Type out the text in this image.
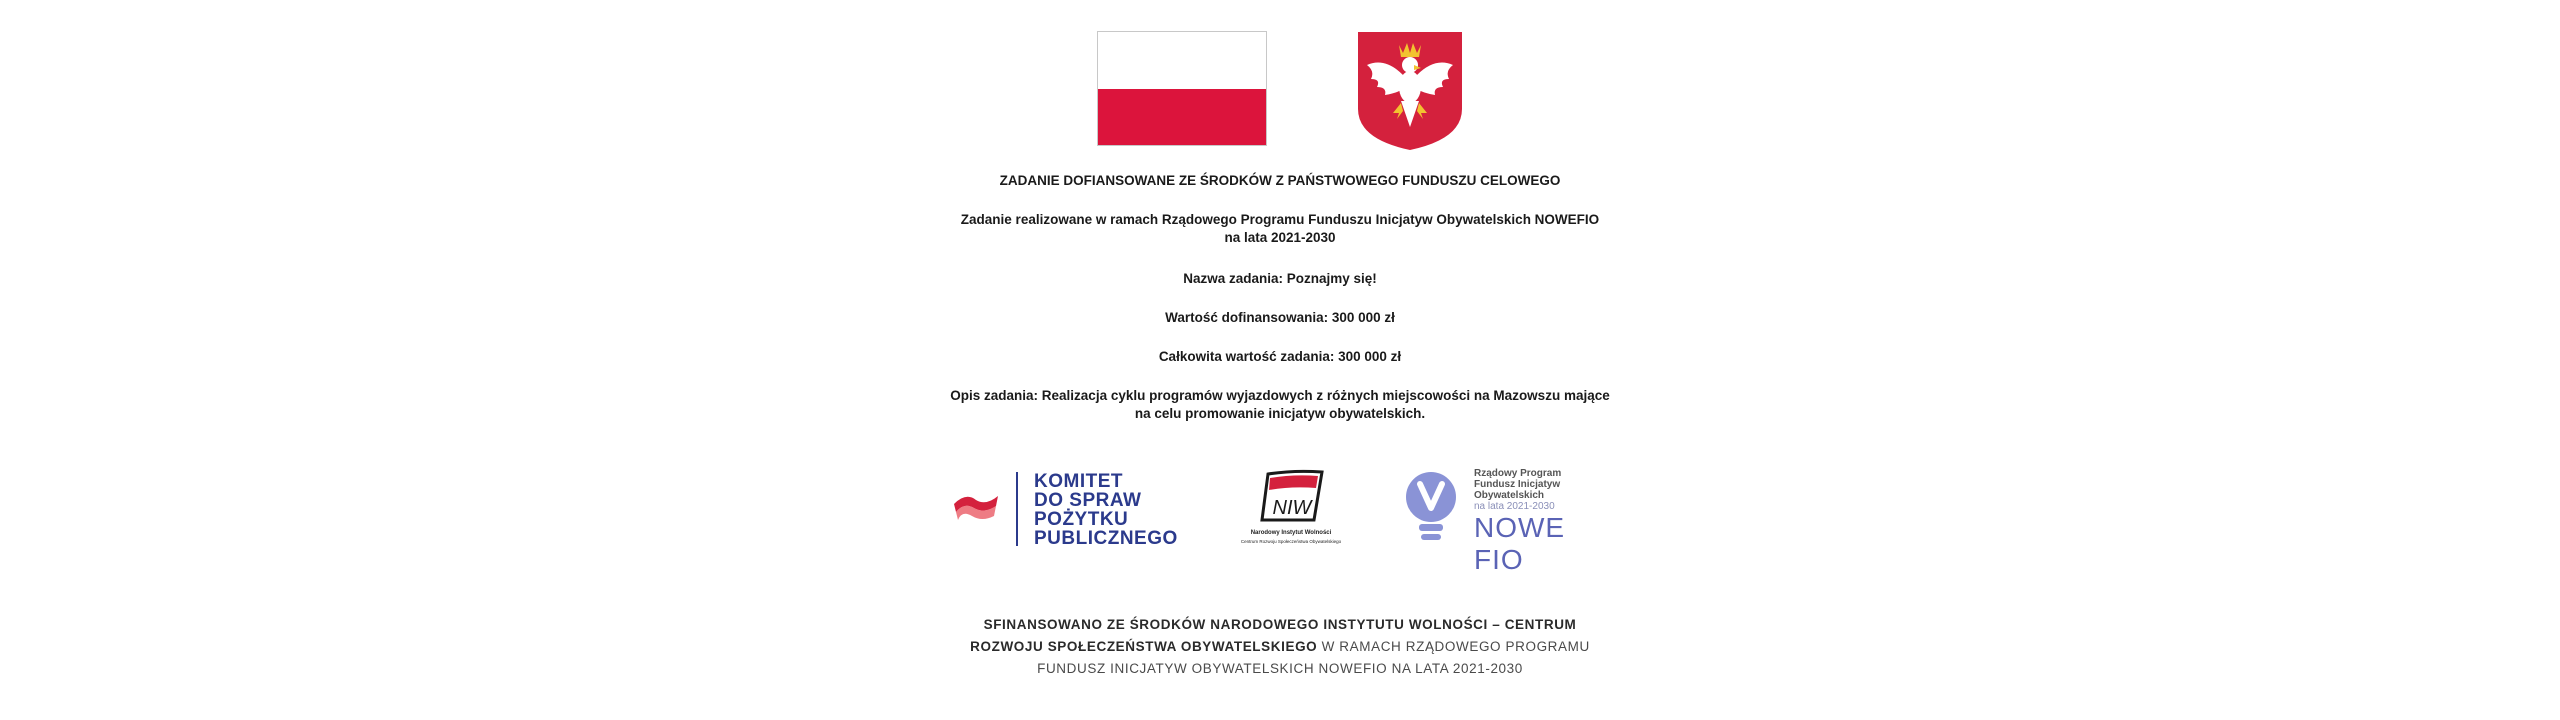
ZADANIE DOFIANSOWANE ZE ŚRODKÓW Z PAŃSTWOWEGO FUNDUSZU CELOWEGO

Zadanie realizowane w ramach Rządowego Programu Funduszu Inicjatyw Obywatelskich NOWEFIO

na lata 2021-2030

Nazwa zadania: Poznajmy się!

Wartość dofinansowania: 300 000 zł

Całkowita wartość zadania: 300 000 zł

Opis zadania: Realizacja cyklu programów wyjazdowych z różnych miejscowości na Mazowszu mające

na celu promowanie inicjatyw obywatelskich.

KOMITET
DO SPRAW
POŻYTKU
PUBLICZNEGO
NIW
Narodowy Instytut Wolności
Centrum Rozwoju Społeczeństwa Obywatelskiego
Rządowy Program
Fundusz Inicjatyw
Obywatelskich
na lata 2021-2030
NOWE FIO
SFINANSOWANO ZE ŚRODKÓW NARODOWEGO INSTYTUTU WOLNOŚCI – CENTRUM
ROZWOJU SPOŁECZEŃSTWA OBYWATELSKIEGO W RAMACH RZĄDOWEGO PROGRAMU
FUNDUSZ INICJATYW OBYWATELSKICH NOWEFIO NA LATA 2021-2030
